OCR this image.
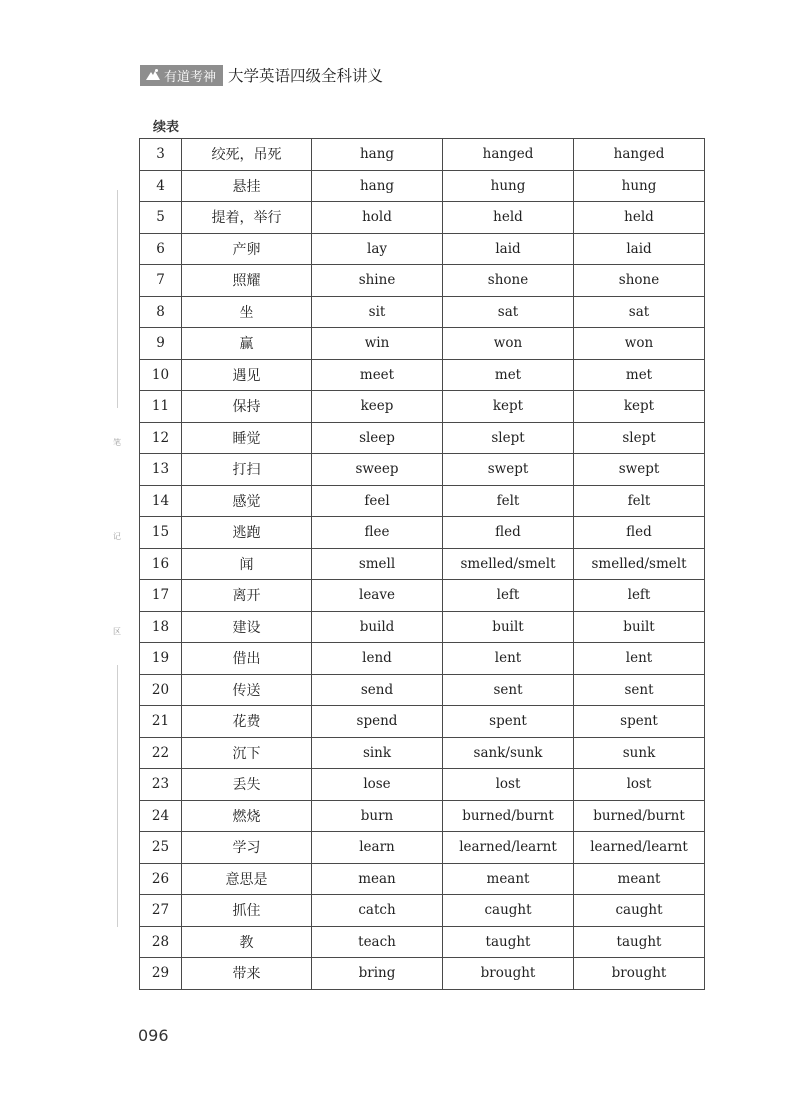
有道考神 大学英语四级全科讲义
续表
笔
记
区
3	绞死，吊死	hang	hanged	hanged
4	悬挂	hang	hung	hung
5	提着，举行	hold	held	held
6	产卵	lay	laid	laid
7	照耀	shine	shone	shone
8	坐	sit	sat	sat
9	赢	win	won	won
10	遇见	meet	met	met
11	保持	keep	kept	kept
12	睡觉	sleep	slept	slept
13	打扫	sweep	swept	swept
14	感觉	feel	felt	felt
15	逃跑	flee	fled	fled
16	闻	smell	smelled/smelt	smelled/smelt
17	离开	leave	left	left
18	建设	build	built	built
19	借出	lend	lent	lent
20	传送	send	sent	sent
21	花费	spend	spent	spent
22	沉下	sink	sank/sunk	sunk
23	丢失	lose	lost	lost
24	燃烧	burn	burned/burnt	burned/burnt
25	学习	learn	learned/learnt	learned/learnt
26	意思是	mean	meant	meant
27	抓住	catch	caught	caught
28	教	teach	taught	taught
29	带来	bring	brought	brought
096
